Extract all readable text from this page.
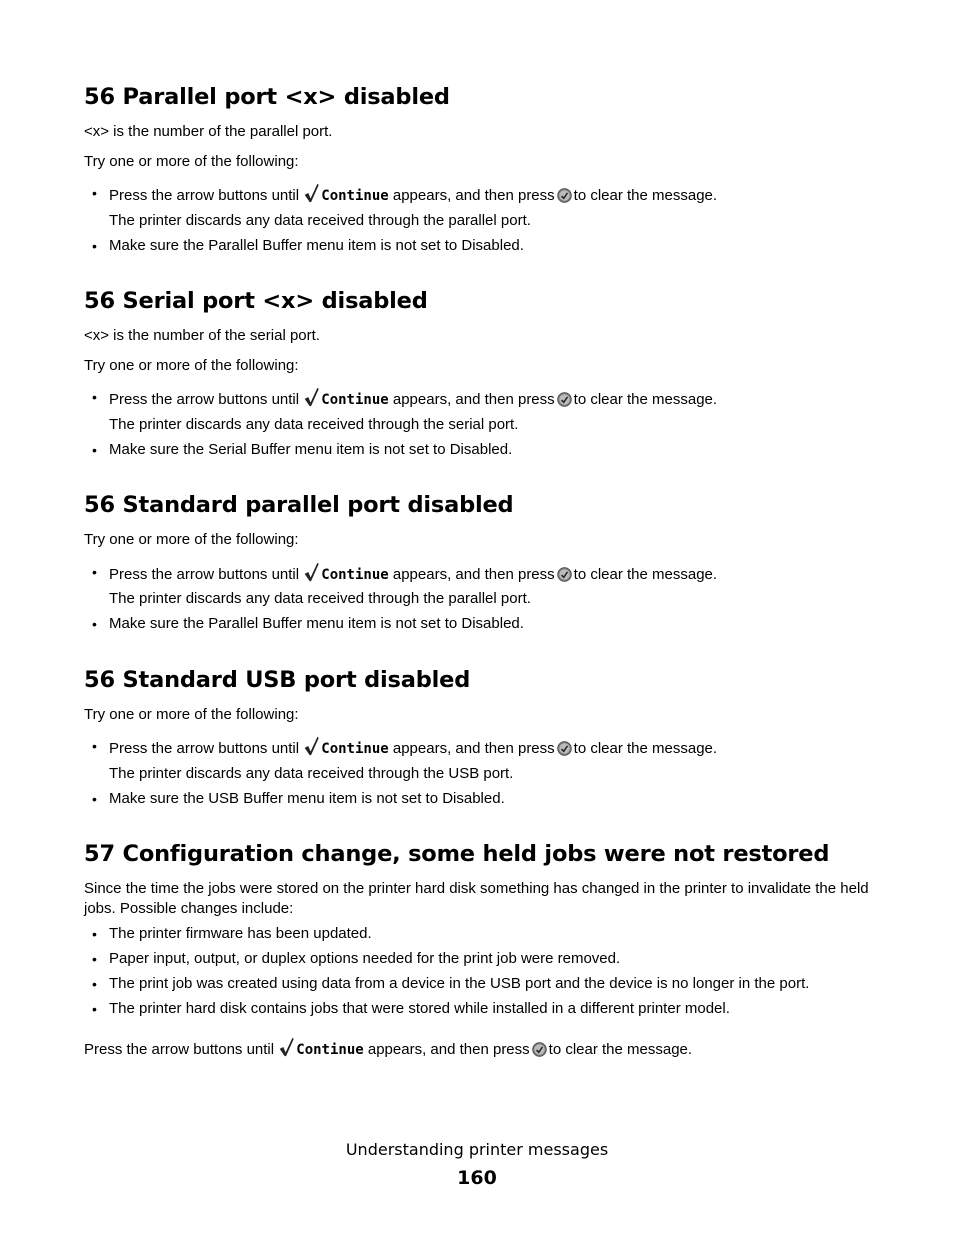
56 Parallel port <x> disabled

<x> is the number of the parallel port.

Try one or more of the following:

• Press the arrow buttons until Continue appears, and then press to clear the message.
The printer discards any data received through the parallel port.
• Make sure the Parallel Buffer menu item is not set to Disabled.
56 Serial port <x> disabled

<x> is the number of the serial port.

Try one or more of the following:

• Press the arrow buttons until Continue appears, and then press to clear the message.
The printer discards any data received through the serial port.
• Make sure the Serial Buffer menu item is not set to Disabled.
56 Standard parallel port disabled

Try one or more of the following:

• Press the arrow buttons until Continue appears, and then press to clear the message.
The printer discards any data received through the parallel port.
• Make sure the Parallel Buffer menu item is not set to Disabled.
56 Standard USB port disabled

Try one or more of the following:

• Press the arrow buttons until Continue appears, and then press to clear the message.
The printer discards any data received through the USB port.
• Make sure the USB Buffer menu item is not set to Disabled.
57 Configuration change, some held jobs were not restored

Since the time the jobs were stored on the printer hard disk something has changed in the printer to invalidate the held jobs. Possible changes include:

• The printer firmware has been updated.
• Paper input, output, or duplex options needed for the print job were removed.
• The print job was created using data from a device in the USB port and the device is no longer in the port.
• The printer hard disk contains jobs that were stored while installed in a different printer model.

Press the arrow buttons until Continue appears, and then press to clear the message.

Understanding printer messages
160
